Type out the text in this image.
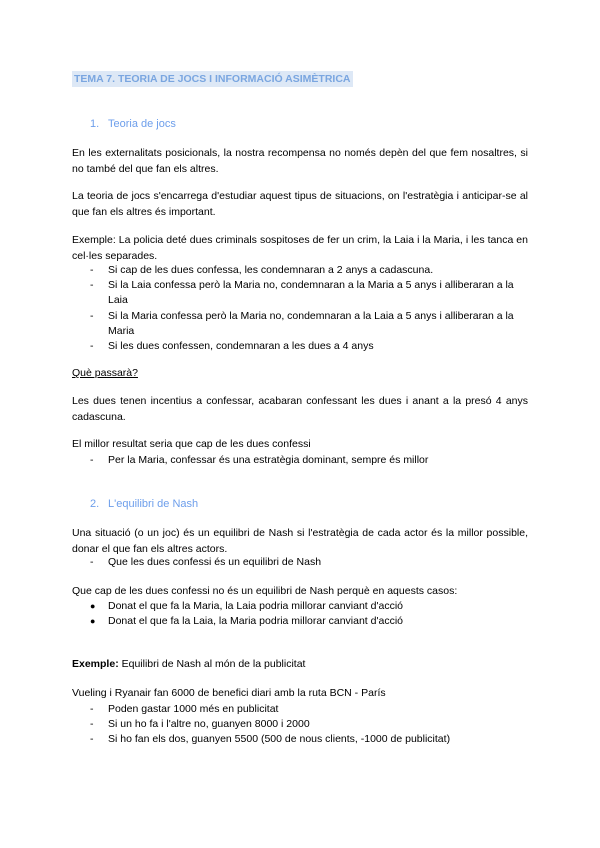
TEMA 7. TEORIA DE JOCS I INFORMACIÓ ASIMÈTRICA

1. Teoria de jocs

En les externalitats posicionals, la nostra recompensa no només depèn del que fem nosaltres, si no també del que fan els altres.

La teoria de jocs s'encarrega d'estudiar aquest tipus de situacions, on l'estratègia i anticipar-se al que fan els altres és important.

Exemple: La policia deté dues criminals sospitoses de fer un crim, la Laia i la Maria, i les tanca en cel·les separades.

-	Si cap de les dues confessa, les condemnaran a 2 anys a cadascuna.
-	Si la Laia confessa però la Maria no, condemnaran a la Maria a 5 anys i alliberaran a la Laia
-	Si la Maria confessa però la Maria no, condemnaran a la Laia a 5 anys i alliberaran a la Maria
-	Si les dues confessen, condemnaran a les dues a 4 anys

Què passarà?

Les dues tenen incentius a confessar, acabaran confessant les dues i anant a la presó 4 anys cadascuna.

El millor resultat seria que cap de les dues confessi

-	Per la Maria, confessar és una estratègia dominant, sempre és millor

2. L'equilibri de Nash

Una situació (o un joc) és un equilibri de Nash si l'estratègia de cada actor és la millor possible, donar el que fan els altres actors.

-	Que les dues confessi és un equilibri de Nash

Que cap de les dues confessi no és un equilibri de Nash perquè en aquests casos:

●	Donat el que fa la Maria, la Laia podria millorar canviant d'acció
●	Donat el que fa la Laia, la Maria podria millorar canviant d'acció

Exemple: Equilibri de Nash al món de la publicitat

Vueling i Ryanair fan 6000 de benefici diari amb la ruta BCN - París

-	Poden gastar 1000 més en publicitat
-	Si un ho fa i l'altre no, guanyen 8000 i 2000
-	Si ho fan els dos, guanyen 5500 (500 de nous clients, -1000 de publicitat)
